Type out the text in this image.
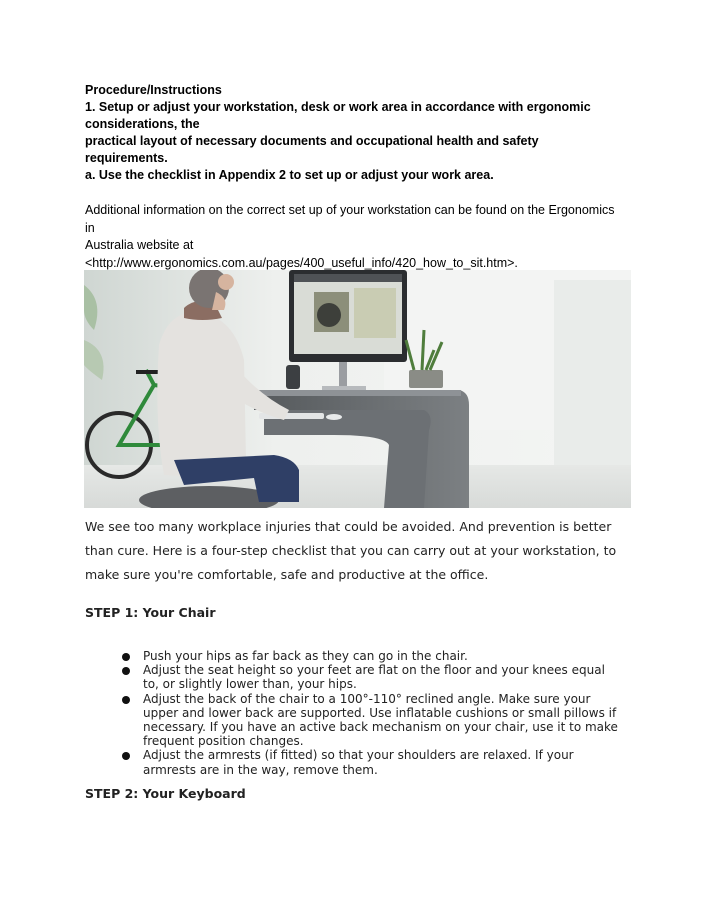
Procedure/Instructions
1. Setup or adjust your workstation, desk or work area in accordance with ergonomic
considerations, the
practical layout of necessary documents and occupational health and safety
requirements.
a. Use the checklist in Appendix 2 to set up or adjust your work area.
Additional information on the correct set up of your workstation can be found on the Ergonomics
in
Australia website at
<http://www.ergonomics.com.au/pages/400_useful_info/420_how_to_sit.htm>.
We see too many workplace injuries that could be avoided. And prevention is better
than cure. Here is a four-step checklist that you can carry out at your workstation, to
make sure you're comfortable, safe and productive at the office.
STEP 1: Your Chair
Push your hips as far back as they can go in the chair.
Adjust the seat height so your feet are flat on the floor and your knees equal
to, or slightly lower than, your hips.
Adjust the back of the chair to a 100°-110° reclined angle. Make sure your
upper and lower back are supported. Use inflatable cushions or small pillows if
necessary. If you have an active back mechanism on your chair, use it to make
frequent position changes.
Adjust the armrests (if fitted) so that your shoulders are relaxed. If your
armrests are in the way, remove them.
STEP 2: Your Keyboard
